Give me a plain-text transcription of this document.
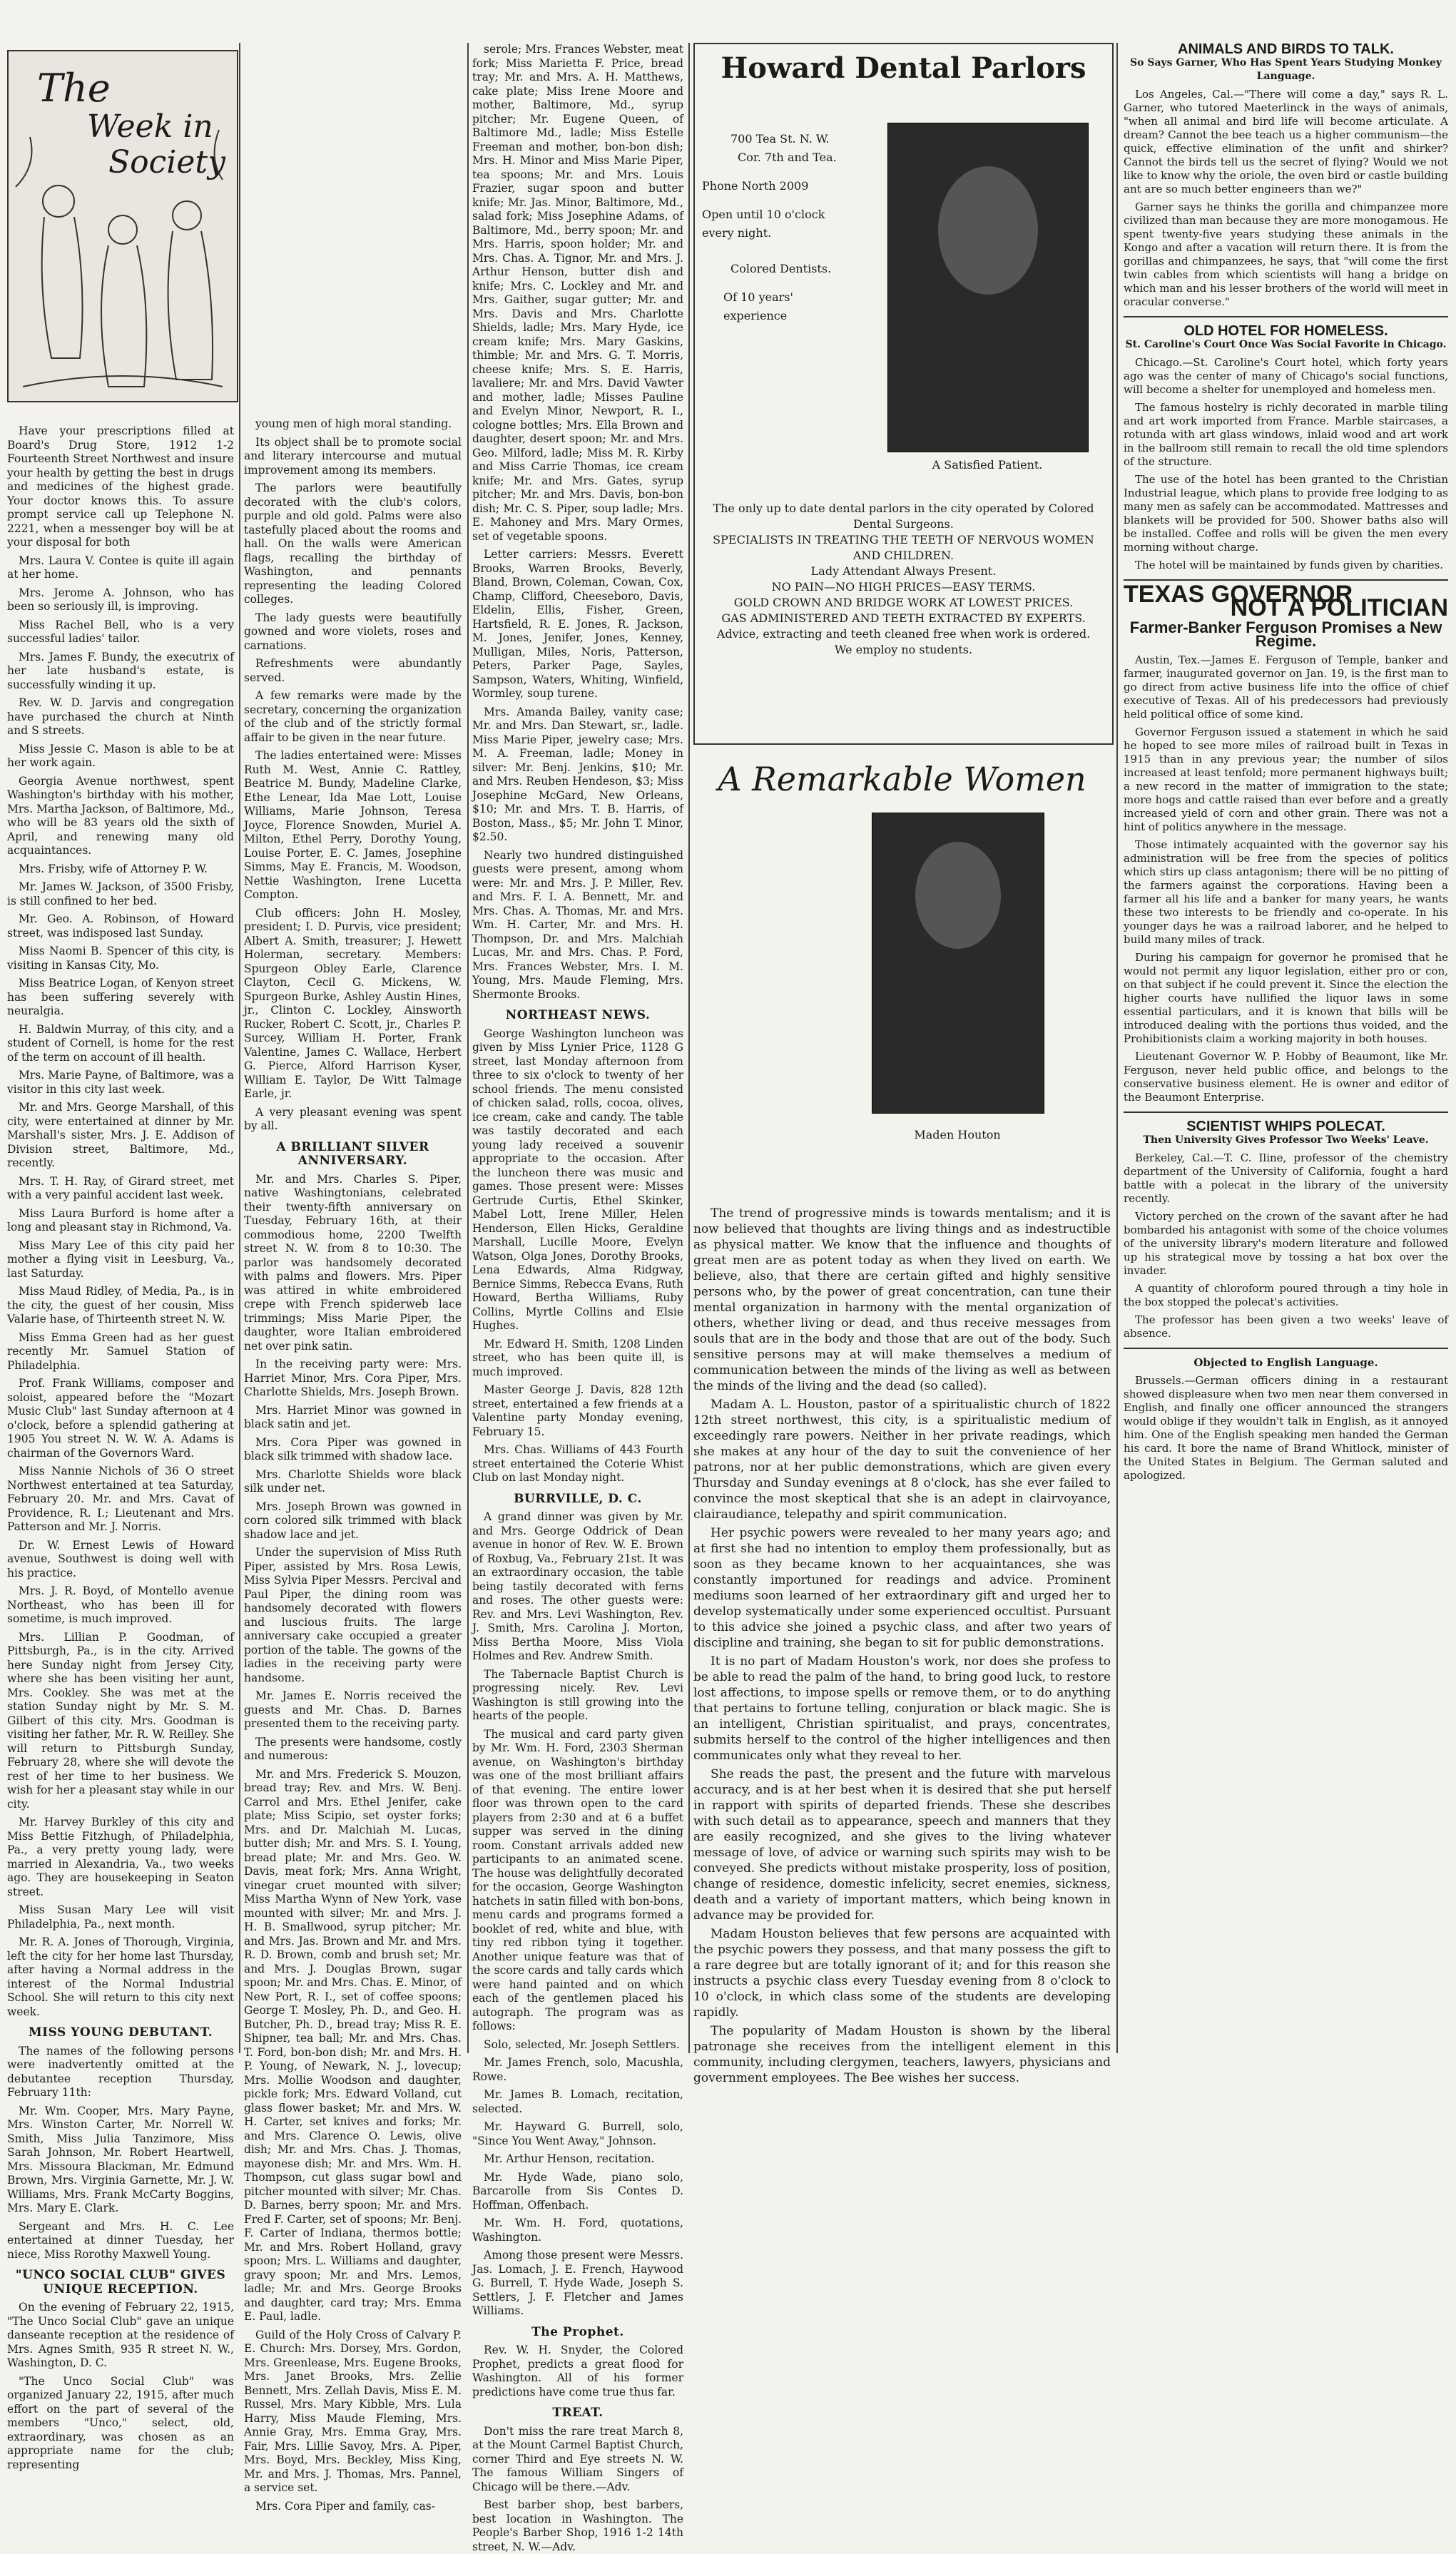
The
Week in
Society

Have your prescriptions filled at Board's Drug Store, 1912 1-2 Fourteenth Street Northwest and insure your health by getting the best in drugs and medicines of the highest grade. Your doctor knows this. To assure prompt service call up Telephone N. 2221, when a messenger boy will be at your disposal for both

Mrs. Laura V. Contee is quite ill again at her home.

Mrs. Jerome A. Johnson, who has been so seriously ill, is improving.

Miss Rachel Bell, who is a very successful ladies' tailor.

Mrs. James F. Bundy, the executrix of her late husband's estate, is successfully winding it up.

Rev. W. D. Jarvis and congregation have purchased the church at Ninth and S streets.

Miss Jessie C. Mason is able to be at her work again.

Georgia Avenue northwest, spent Washington's birthday with his mother, Mrs. Martha Jackson, of Baltimore, Md., who will be 83 years old the sixth of April, and renewing many old acquaintances.

Mrs. Frisby, wife of Attorney P. W.

Mr. James W. Jackson, of 3500 Frisby, is still confined to her bed.

Mr. Geo. A. Robinson, of Howard street, was indisposed last Sunday.

Miss Naomi B. Spencer of this city, is visiting in Kansas City, Mo.

Miss Beatrice Logan, of Kenyon street has been suffering severely with neuralgia.

H. Baldwin Murray, of this city, and a student of Cornell, is home for the rest of the term on account of ill health.

Mrs. Marie Payne, of Baltimore, was a visitor in this city last week.

Mr. and Mrs. George Marshall, of this city, were entertained at dinner by Mr. Marshall's sister, Mrs. J. E. Addison of Division street, Baltimore, Md., recently.

Mrs. T. H. Ray, of Girard street, met with a very painful accident last week.

Miss Laura Burford is home after a long and pleasant stay in Richmond, Va.

Miss Mary Lee of this city paid her mother a flying visit in Leesburg, Va., last Saturday.

Miss Maud Ridley, of Media, Pa., is in the city, the guest of her cousin, Miss Valarie hase, of Thirteenth street N. W.

Miss Emma Green had as her guest recently Mr. Samuel Station of Philadelphia.

Prof. Frank Williams, composer and soloist, appeared before the "Mozart Music Club" last Sunday afternoon at 4 o'clock, before a splendid gathering at 1905 You street N. W. W. A. Adams is chairman of the Governors Ward.

Miss Nannie Nichols of 36 O street Northwest entertained at tea Saturday, February 20. Mr. and Mrs. Cavat of Providence, R. I.; Lieutenant and Mrs. Patterson and Mr. J. Norris.

Dr. W. Ernest Lewis of Howard avenue, Southwest is doing well with his practice.

Mrs. J. R. Boyd, of Montello avenue Northeast, who has been ill for sometime, is much improved.

Mrs. Lillian P. Goodman, of Pittsburgh, Pa., is in the city. Arrived here Sunday night from Jersey City, where she has been visiting her aunt, Mrs. Cookley. She was met at the station Sunday night by Mr. S. M. Gilbert of this city. Mrs. Goodman is visiting her father, Mr. R. W. Reilley. She will return to Pittsburgh Sunday, February 28, where she will devote the rest of her time to her business. We wish for her a pleasant stay while in our city.

Mr. Harvey Burkley of this city and Miss Bettie Fitzhugh, of Philadelphia, Pa., a very pretty young lady, were married in Alexandria, Va., two weeks ago. They are housekeeping in Seaton street.

Miss Susan Mary Lee will visit Philadelphia, Pa., next month.

Mr. R. A. Jones of Thorough, Virginia, left the city for her home last Thursday, after having a Normal address in the interest of the Normal Industrial School. She will return to this city next week.

MISS YOUNG DEBUTANT.

The names of the following persons were inadvertently omitted at the debutantee reception Thursday, February 11th:

Mr. Wm. Cooper, Mrs. Mary Payne, Mrs. Winston Carter, Mr. Norrell W. Smith, Miss Julia Tanzimore, Miss Sarah Johnson, Mr. Robert Heartwell, Mrs. Missoura Blackman, Mr. Edmund Brown, Mrs. Virginia Garnette, Mr. J. W. Williams, Mrs. Frank McCarty Boggins, Mrs. Mary E. Clark.

Sergeant and Mrs. H. C. Lee entertained at dinner Tuesday, her niece, Miss Rorothy Maxwell Young.

"UNCO SOCIAL CLUB" GIVES UNIQUE RECEPTION.

On the evening of February 22, 1915, "The Unco Social Club" gave an unique danseante reception at the residence of Mrs. Agnes Smith, 935 R street N. W., Washington, D. C.

"The Unco Social Club" was organized January 22, 1915, after much effort on the part of several of the members "Unco," select, old, extraordinary, was chosen as an appropriate name for the club; representing

young men of high moral standing.

Its object shall be to promote social and literary intercourse and mutual improvement among its members.

The parlors were beautifully decorated with the club's colors, purple and old gold. Palms were also tastefully placed about the rooms and hall. On the walls were American flags, recalling the birthday of Washington, and pennants representing the leading Colored colleges.

The lady guests were beautifully gowned and wore violets, roses and carnations.

Refreshments were abundantly served.

A few remarks were made by the secretary, concerning the organization of the club and of the strictly formal affair to be given in the near future.

The ladies entertained were: Misses Ruth M. West, Annie C. Rattley, Beatrice M. Bundy, Madeline Clarke, Ethe Lenear, Ida Mae Lott, Louise Williams, Marie Johnson, Teresa Joyce, Florence Snowden, Muriel A. Milton, Ethel Perry, Dorothy Young, Louise Porter, E. C. James, Josephine Simms, May E. Francis, M. Woodson, Nettie Washington, Irene Lucetta Compton.

Club officers: John H. Mosley, president; I. D. Purvis, vice president; Albert A. Smith, treasurer; J. Hewett Holerman, secretary. Members: Spurgeon Obley Earle, Clarence Clayton, Cecil G. Mickens, W. Spurgeon Burke, Ashley Austin Hines, jr., Clinton C. Lockley, Ainsworth Rucker, Robert C. Scott, jr., Charles P. Surcey, William H. Porter, Frank Valentine, James C. Wallace, Herbert G. Pierce, Alford Harrison Kyser, William E. Taylor, De Witt Talmage Earle, jr.

A very pleasant evening was spent by all.

A BRILLIANT SILVER ANNIVERSARY.

Mr. and Mrs. Charles S. Piper, native Washingtonians, celebrated their twenty-fifth anniversary on Tuesday, February 16th, at their commodious home, 2200 Twelfth street N. W. from 8 to 10:30. The parlor was handsomely decorated with palms and flowers. Mrs. Piper was attired in white embroidered crepe with French spiderweb lace trimmings; Miss Marie Piper, the daughter, wore Italian embroidered net over pink satin.

In the receiving party were: Mrs. Harriet Minor, Mrs. Cora Piper, Mrs. Charlotte Shields, Mrs. Joseph Brown.

Mrs. Harriet Minor was gowned in black satin and jet.

Mrs. Cora Piper was gowned in black silk trimmed with shadow lace.

Mrs. Charlotte Shields wore black silk under net.

Mrs. Joseph Brown was gowned in corn colored silk trimmed with black shadow lace and jet.

Under the supervision of Miss Ruth Piper, assisted by Mrs. Rosa Lewis, Miss Sylvia Piper Messrs. Percival and Paul Piper, the dining room was handsomely decorated with flowers and luscious fruits. The large anniversary cake occupied a greater portion of the table. The gowns of the ladies in the receiving party were handsome.

Mr. James E. Norris received the guests and Mr. Chas. D. Barnes presented them to the receiving party.

The presents were handsome, costly and numerous:

Mr. and Mrs. Frederick S. Mouzon, bread tray; Rev. and Mrs. W. Benj. Carrol and Mrs. Ethel Jenifer, cake plate; Miss Scipio, set oyster forks; Mrs. and Dr. Malchiah M. Lucas, butter dish; Mr. and Mrs. S. I. Young, bread plate; Mr. and Mrs. Geo. W. Davis, meat fork; Mrs. Anna Wright, vinegar cruet mounted with silver; Miss Martha Wynn of New York, vase mounted with silver; Mr. and Mrs. J. H. B. Smallwood, syrup pitcher; Mr. and Mrs. Jas. Brown and Mr. and Mrs. R. D. Brown, comb and brush set; Mr. and Mrs. J. Douglas Brown, sugar spoon; Mr. and Mrs. Chas. E. Minor, of New Port, R. I., set of coffee spoons; George T. Mosley, Ph. D., and Geo. H. Butcher, Ph. D., bread tray; Miss R. E. Shipner, tea ball; Mr. and Mrs. Chas. T. Ford, bon-bon dish; Mr. and Mrs. H. P. Young, of Newark, N. J., lovecup; Mrs. Mollie Woodson and daughter, pickle fork; Mrs. Edward Volland, cut glass flower basket; Mr. and Mrs. W. H. Carter, set knives and forks; Mr. and Mrs. Clarence O. Lewis, olive dish; Mr. and Mrs. Chas. J. Thomas, mayonese dish; Mr. and Mrs. Wm. H. Thompson, cut glass sugar bowl and pitcher mounted with silver; Mr. Chas. D. Barnes, berry spoon; Mr. and Mrs. Fred F. Carter, set of spoons; Mr. Benj. F. Carter of Indiana, thermos bottle; Mr. and Mrs. Robert Holland, gravy spoon; Mrs. L. Williams and daughter, gravy spoon; Mr. and Mrs. Lemos, ladle; Mr. and Mrs. George Brooks and daughter, card tray; Mrs. Emma E. Paul, ladle.

Guild of the Holy Cross of Calvary P. E. Church: Mrs. Dorsey, Mrs. Gordon, Mrs. Greenlease, Mrs. Eugene Brooks, Mrs. Janet Brooks, Mrs. Zellie Bennett, Mrs. Zellah Davis, Miss E. M. Russel, Mrs. Mary Kibble, Mrs. Lula Harry, Miss Maude Fleming, Mrs. Annie Gray, Mrs. Emma Gray, Mrs. Fair, Mrs. Lillie Savoy, Mrs. A. Piper, Mrs. Boyd, Mrs. Beckley, Miss King, Mr. and Mrs. J. Thomas, Mrs. Pannel, a service set.

Mrs. Cora Piper and family, cas-

serole; Mrs. Frances Webster, meat fork; Miss Marietta F. Price, bread tray; Mr. and Mrs. A. H. Matthews, cake plate; Miss Irene Moore and mother, Baltimore, Md., syrup pitcher; Mr. Eugene Queen, of Baltimore Md., ladle; Miss Estelle Freeman and mother, bon-bon dish; Mrs. H. Minor and Miss Marie Piper, tea spoons; Mr. and Mrs. Louis Frazier, sugar spoon and butter knife; Mr. Jas. Minor, Baltimore, Md., salad fork; Miss Josephine Adams, of Baltimore, Md., berry spoon; Mr. and Mrs. Harris, spoon holder; Mr. and Mrs. Chas. A. Tignor, Mr. and Mrs. J. Arthur Henson, butter dish and knife; Mrs. C. Lockley and Mr. and Mrs. Gaither, sugar gutter; Mr. and Mrs. Davis and Mrs. Charlotte Shields, ladle; Mrs. Mary Hyde, ice cream knife; Mrs. Mary Gaskins, thimble; Mr. and Mrs. G. T. Morris, cheese knife; Mrs. S. E. Harris, lavaliere; Mr. and Mrs. David Vawter and mother, ladle; Misses Pauline and Evelyn Minor, Newport, R. I., cologne bottles; Mrs. Ella Brown and daughter, desert spoon; Mr. and Mrs. Geo. Milford, ladle; Miss M. R. Kirby and Miss Carrie Thomas, ice cream knife; Mr. and Mrs. Gates, syrup pitcher; Mr. and Mrs. Davis, bon-bon dish; Mr. C. S. Piper, soup ladle; Mrs. E. Mahoney and Mrs. Mary Ormes, set of vegetable spoons.

Letter carriers: Messrs. Everett Brooks, Warren Brooks, Beverly, Bland, Brown, Coleman, Cowan, Cox, Champ, Clifford, Cheeseboro, Davis, Eldelin, Ellis, Fisher, Green, Hartsfield, R. E. Jones, R. Jackson, M. Jones, Jenifer, Jones, Kenney, Mulligan, Miles, Noris, Patterson, Peters, Parker Page, Sayles, Sampson, Waters, Whiting, Winfield, Wormley, soup turene.

Mrs. Amanda Bailey, vanity case; Mr. and Mrs. Dan Stewart, sr., ladle. Miss Marie Piper, jewelry case; Mrs. M. A. Freeman, ladle; Money in silver: Mr. Benj. Jenkins, $10; Mr. and Mrs. Reuben Hendeson, $3; Miss Josephine McGard, New Orleans, $10; Mr. and Mrs. T. B. Harris, of Boston, Mass., $5; Mr. John T. Minor, $2.50.

Nearly two hundred distinguished guests were present, among whom were: Mr. and Mrs. J. P. Miller, Rev. and Mrs. F. I. A. Bennett, Mr. and Mrs. Chas. A. Thomas, Mr. and Mrs. Wm. H. Carter, Mr. and Mrs. H. Thompson, Dr. and Mrs. Malchiah Lucas, Mr. and Mrs. Chas. P. Ford, Mrs. Frances Webster, Mrs. I. M. Young, Mrs. Maude Fleming, Mrs. Shermonte Brooks.

NORTHEAST NEWS.

George Washington luncheon was given by Miss Lynier Price, 1128 G street, last Monday afternoon from three to six o'clock to twenty of her school friends. The menu consisted of chicken salad, rolls, cocoa, olives, ice cream, cake and candy. The table was tastily decorated and each young lady received a souvenir appropriate to the occasion. After the luncheon there was music and games. Those present were: Misses Gertrude Curtis, Ethel Skinker, Mabel Lott, Irene Miller, Helen Henderson, Ellen Hicks, Geraldine Marshall, Lucille Moore, Evelyn Watson, Olga Jones, Dorothy Brooks, Lena Edwards, Alma Ridgway, Bernice Simms, Rebecca Evans, Ruth Howard, Bertha Williams, Ruby Collins, Myrtle Collins and Elsie Hughes.

Mr. Edward H. Smith, 1208 Linden street, who has been quite ill, is much improved.

Master George J. Davis, 828 12th street, entertained a few friends at a Valentine party Monday evening, February 15.

Mrs. Chas. Williams of 443 Fourth street entertained the Coterie Whist Club on last Monday night.

BURRVILLE, D. C.

A grand dinner was given by Mr. and Mrs. George Oddrick of Dean avenue in honor of Rev. W. E. Brown of Roxbug, Va., February 21st. It was an extraordinary occasion, the table being tastily decorated with ferns and roses. The other guests were: Rev. and Mrs. Levi Washington, Rev. J. Smith, Mrs. Carolina J. Morton, Miss Bertha Moore, Miss Viola Holmes and Rev. Andrew Smith.

The Tabernacle Baptist Church is progressing nicely. Rev. Levi Washington is still growing into the hearts of the people.

The musical and card party given by Mr. Wm. H. Ford, 2303 Sherman avenue, on Washington's birthday was one of the most brilliant affairs of that evening. The entire lower floor was thrown open to the card players from 2:30 and at 6 a buffet supper was served in the dining room. Constant arrivals added new participants to an animated scene. The house was delightfully decorated for the occasion, George Washington hatchets in satin filled with bon-bons, menu cards and programs formed a booklet of red, white and blue, with tiny red ribbon tying it together. Another unique feature was that of the score cards and tally cards which were hand painted and on which each of the gentlemen placed his autograph. The program was as follows:

Solo, selected, Mr. Joseph Settlers.

Mr. James French, solo, Macushla, Rowe.

Mr. James B. Lomach, recitation, selected.

Mr. Hayward G. Burrell, solo, "Since You Went Away," Johnson.

Mr. Arthur Henson, recitation.

Mr. Hyde Wade, piano solo, Barcarolle from Sis Contes D. Hoffman, Offenbach.

Mr. Wm. H. Ford, quotations, Washington.

Among those present were Messrs. Jas. Lomach, J. E. French, Haywood G. Burrell, T. Hyde Wade, Joseph S. Settlers, J. F. Fletcher and James Williams.

The Prophet.

Rev. W. H. Snyder, the Colored Prophet, predicts a great flood for Washington. All of his former predictions have come true thus far.

TREAT.

Don't miss the rare treat March 8, at the Mount Carmel Baptist Church, corner Third and Eye streets N. W. The famous William Singers of Chicago will be there.—Adv.

Best barber shop, best barbers, best location in Washington. The People's Barber Shop, 1916 1-2 14th street, N. W.—Adv.

Howard Dental Parlors
700 Tea St. N. W.
Cor. 7th and Tea.
Phone North 2009
Open until 10 o'clock every night.
Colored Dentists.
Of 10 years' experience
A Satisfied Patient.
The only up to date dental parlors in the city operated by Colored Dental Surgeons.
SPECIALISTS IN TREATING THE TEETH OF NERVOUS WOMEN AND CHILDREN.
Lady Attendant Always Present.
NO PAIN—NO HIGH PRICES—EASY TERMS.
GOLD CROWN AND BRIDGE WORK AT LOWEST PRICES.
GAS ADMINISTERED AND TEETH EXTRACTED BY EXPERTS.
Advice, extracting and teeth cleaned free when work is ordered.
We employ no students.
A Remarkable Women
Maden Houton

The trend of progressive minds is towards mentalism; and it is now believed that thoughts are living things and as indestructible as physical matter. We know that the influence and thoughts of great men are as potent today as when they lived on earth. We believe, also, that there are certain gifted and highly sensitive persons who, by the power of great concentration, can tune their mental organization in harmony with the mental organization of others, whether living or dead, and thus receive messages from souls that are in the body and those that are out of the body. Such sensitive persons may at will make themselves a medium of communication between the minds of the living as well as between the minds of the living and the dead (so called).

Madam A. L. Houston, pastor of a spiritualistic church of 1822 12th street northwest, this city, is a spiritualistic medium of exceedingly rare powers. Neither in her private readings, which she makes at any hour of the day to suit the convenience of her patrons, nor at her public demonstrations, which are given every Thursday and Sunday evenings at 8 o'clock, has she ever failed to convince the most skeptical that she is an adept in clairvoyance, clairaudiance, telepathy and spirit communication.

Her psychic powers were revealed to her many years ago; and at first she had no intention to employ them professionally, but as soon as they became known to her acquaintances, she was constantly importuned for readings and advice. Prominent mediums soon learned of her extraordinary gift and urged her to develop systematically under some experienced occultist. Pursuant to this advice she joined a psychic class, and after two years of discipline and training, she began to sit for public demonstrations.

It is no part of Madam Houston's work, nor does she profess to be able to read the palm of the hand, to bring good luck, to restore lost affections, to impose spells or remove them, or to do anything that pertains to fortune telling, conjuration or black magic. She is an intelligent, Christian spiritualist, and prays, concentrates, submits herself to the control of the higher intelligences and then communicates only what they reveal to her.

She reads the past, the present and the future with marvelous accuracy, and is at her best when it is desired that she put herself in rapport with spirits of departed friends. These she describes with such detail as to appearance, speech and manners that they are easily recognized, and she gives to the living whatever message of love, of advice or warning such spirits may wish to be conveyed. She predicts without mistake prosperity, loss of position, change of residence, domestic infelicity, secret enemies, sickness, death and a variety of important matters, which being known in advance may be provided for.

Madam Houston believes that few persons are acquainted with the psychic powers they possess, and that many possess the gift to a rare degree but are totally ignorant of it; and for this reason she instructs a psychic class every Tuesday evening from 8 o'clock to 10 o'clock, in which class some of the students are developing rapidly.

The popularity of Madam Houston is shown by the liberal patronage she receives from the intelligent element in this community, including clergymen, teachers, lawyers, physicians and government employees. The Bee wishes her success.

ANIMALS AND BIRDS TO TALK.
So Says Garner, Who Has Spent Years Studying Monkey Language.

Los Angeles, Cal.—"There will come a day," says R. L. Garner, who tutored Maeterlinck in the ways of animals, "when all animal and bird life will become articulate. A dream? Cannot the bee teach us a higher communism—the quick, effective elimination of the unfit and shirker? Cannot the birds tell us the secret of flying? Would we not like to know why the oriole, the oven bird or castle building ant are so much better engineers than we?"

Garner says he thinks the gorilla and chimpanzee more civilized than man because they are more monogamous. He spent twenty-five years studying these animals in the Kongo and after a vacation will return there. It is from the gorillas and chimpanzees, he says, that "will come the first twin cables from which scientists will hang a bridge on which man and his lesser brothers of the world will meet in oracular converse."

OLD HOTEL FOR HOMELESS.
St. Caroline's Court Once Was Social Favorite in Chicago.

Chicago.—St. Caroline's Court hotel, which forty years ago was the center of many of Chicago's social functions, will become a shelter for unemployed and homeless men.

The famous hostelry is richly decorated in marble tiling and art work imported from France. Marble staircases, a rotunda with art glass windows, inlaid wood and art work in the ballroom still remain to recall the old time splendors of the structure.

The use of the hotel has been granted to the Christian Industrial league, which plans to provide free lodging to as many men as safely can be accommodated. Mattresses and blankets will be provided for 500. Shower baths also will be installed. Coffee and rolls will be given the men every morning without charge.

The hotel will be maintained by funds given by charities.

TEXAS GOVERNOR
NOT A POLITICIAN
Farmer-Banker Ferguson Promises a New Regime.

Austin, Tex.—James E. Ferguson of Temple, banker and farmer, inaugurated governor on Jan. 19, is the first man to go direct from active business life into the office of chief executive of Texas. All of his predecessors had previously held political office of some kind.

Governor Ferguson issued a statement in which he said he hoped to see more miles of railroad built in Texas in 1915 than in any previous year; the number of silos increased at least tenfold; more permanent highways built; a new record in the matter of immigration to the state; more hogs and cattle raised than ever before and a greatly increased yield of corn and other grain. There was not a hint of politics anywhere in the message.

Those intimately acquainted with the governor say his administration will be free from the species of politics which stirs up class antagonism; there will be no pitting of the farmers against the corporations. Having been a farmer all his life and a banker for many years, he wants these two interests to be friendly and co-operate. In his younger days he was a railroad laborer, and he helped to build many miles of track.

During his campaign for governor he promised that he would not permit any liquor legislation, either pro or con, on that subject if he could prevent it. Since the election the higher courts have nullified the liquor laws in some essential particulars, and it is known that bills will be introduced dealing with the portions thus voided, and the Prohibitionists claim a working majority in both houses.

Lieutenant Governor W. P. Hobby of Beaumont, like Mr. Ferguson, never held public office, and belongs to the conservative business element. He is owner and editor of the Beaumont Enterprise.

SCIENTIST WHIPS POLECAT.
Then University Gives Professor Two Weeks' Leave.

Berkeley, Cal.—T. C. Iline, professor of the chemistry department of the University of California, fought a hard battle with a polecat in the library of the university recently.

Victory perched on the crown of the savant after he had bombarded his antagonist with some of the choice volumes of the university library's modern literature and followed up his strategical move by tossing a hat box over the invader.

A quantity of chloroform poured through a tiny hole in the box stopped the polecat's activities.

The professor has been given a two weeks' leave of absence.

Objected to English Language.

Brussels.—German officers dining in a restaurant showed displeasure when two men near them conversed in English, and finally one officer announced the strangers would oblige if they wouldn't talk in English, as it annoyed him. One of the English speaking men handed the German his card. It bore the name of Brand Whitlock, minister of the United States in Belgium. The German saluted and apologized.
